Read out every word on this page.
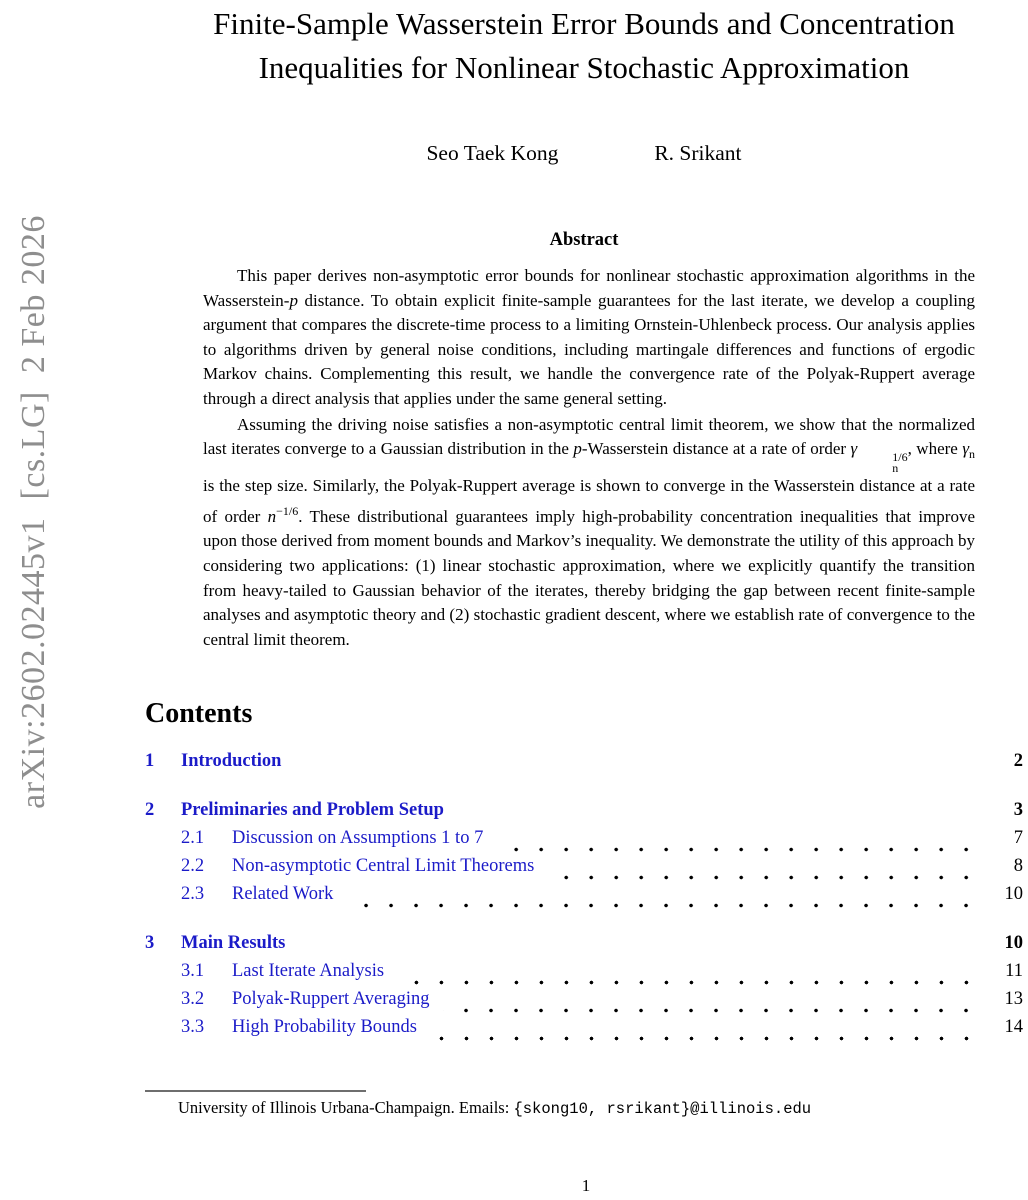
arXiv:2602.02445v1  [cs.LG]  2 Feb 2026
Finite-Sample Wasserstein Error Bounds and Concentration
Inequalities for Nonlinear Stochastic Approximation
Seo Taek Kong	R. Srikant
Abstract

This paper derives non-asymptotic error bounds for nonlinear stochastic approximation algorithms in the Wasserstein-p distance. To obtain explicit finite-sample guarantees for the last iterate, we develop a coupling argument that compares the discrete-time process to a limiting Ornstein-Uhlenbeck process. Our analysis applies to algorithms driven by general noise conditions, including martingale differences and functions of ergodic Markov chains. Complementing this result, we handle the convergence rate of the Polyak-Ruppert average through a direct analysis that applies under the same general setting.

Assuming the driving noise satisfies a non-asymptotic central limit theorem, we show that the normalized last iterates converge to a Gaussian distribution in the p-Wasserstein distance at a rate of order γ	1/6
n
, where $\gamma_n$ is the step size. Similarly, the Polyak-Ruppert average is shown to converge in the Wasserstein distance at a rate of order $n^{-1/6}$. These distributional guarantees imply high-probability concentration inequalities that improve upon those derived from moment bounds and Markov’s inequality. We demonstrate the utility of this approach by considering two applications: (1) linear stochastic approximation, where we explicitly quantify the transition from heavy-tailed to Gaussian behavior of the iterates, thereby bridging the gap between recent finite-sample analyses and asymptotic theory and (2) stochastic gradient descent, where we establish rate of convergence to the central limit theorem.

Contents
1	Introduction	2
2	Preliminaries and Problem Setup	3
2.1	Discussion on Assumptions 1 to 7	7
2.2	Non-asymptotic Central Limit Theorems	8
2.3	Related Work	10
3	Main Results	10
3.1	Last Iterate Analysis	11
3.2	Polyak-Ruppert Averaging	13
3.3	High Probability Bounds	14

University of Illinois Urbana-Champaign. Emails: {skong10, rsrikant}@illinois.edu

1
